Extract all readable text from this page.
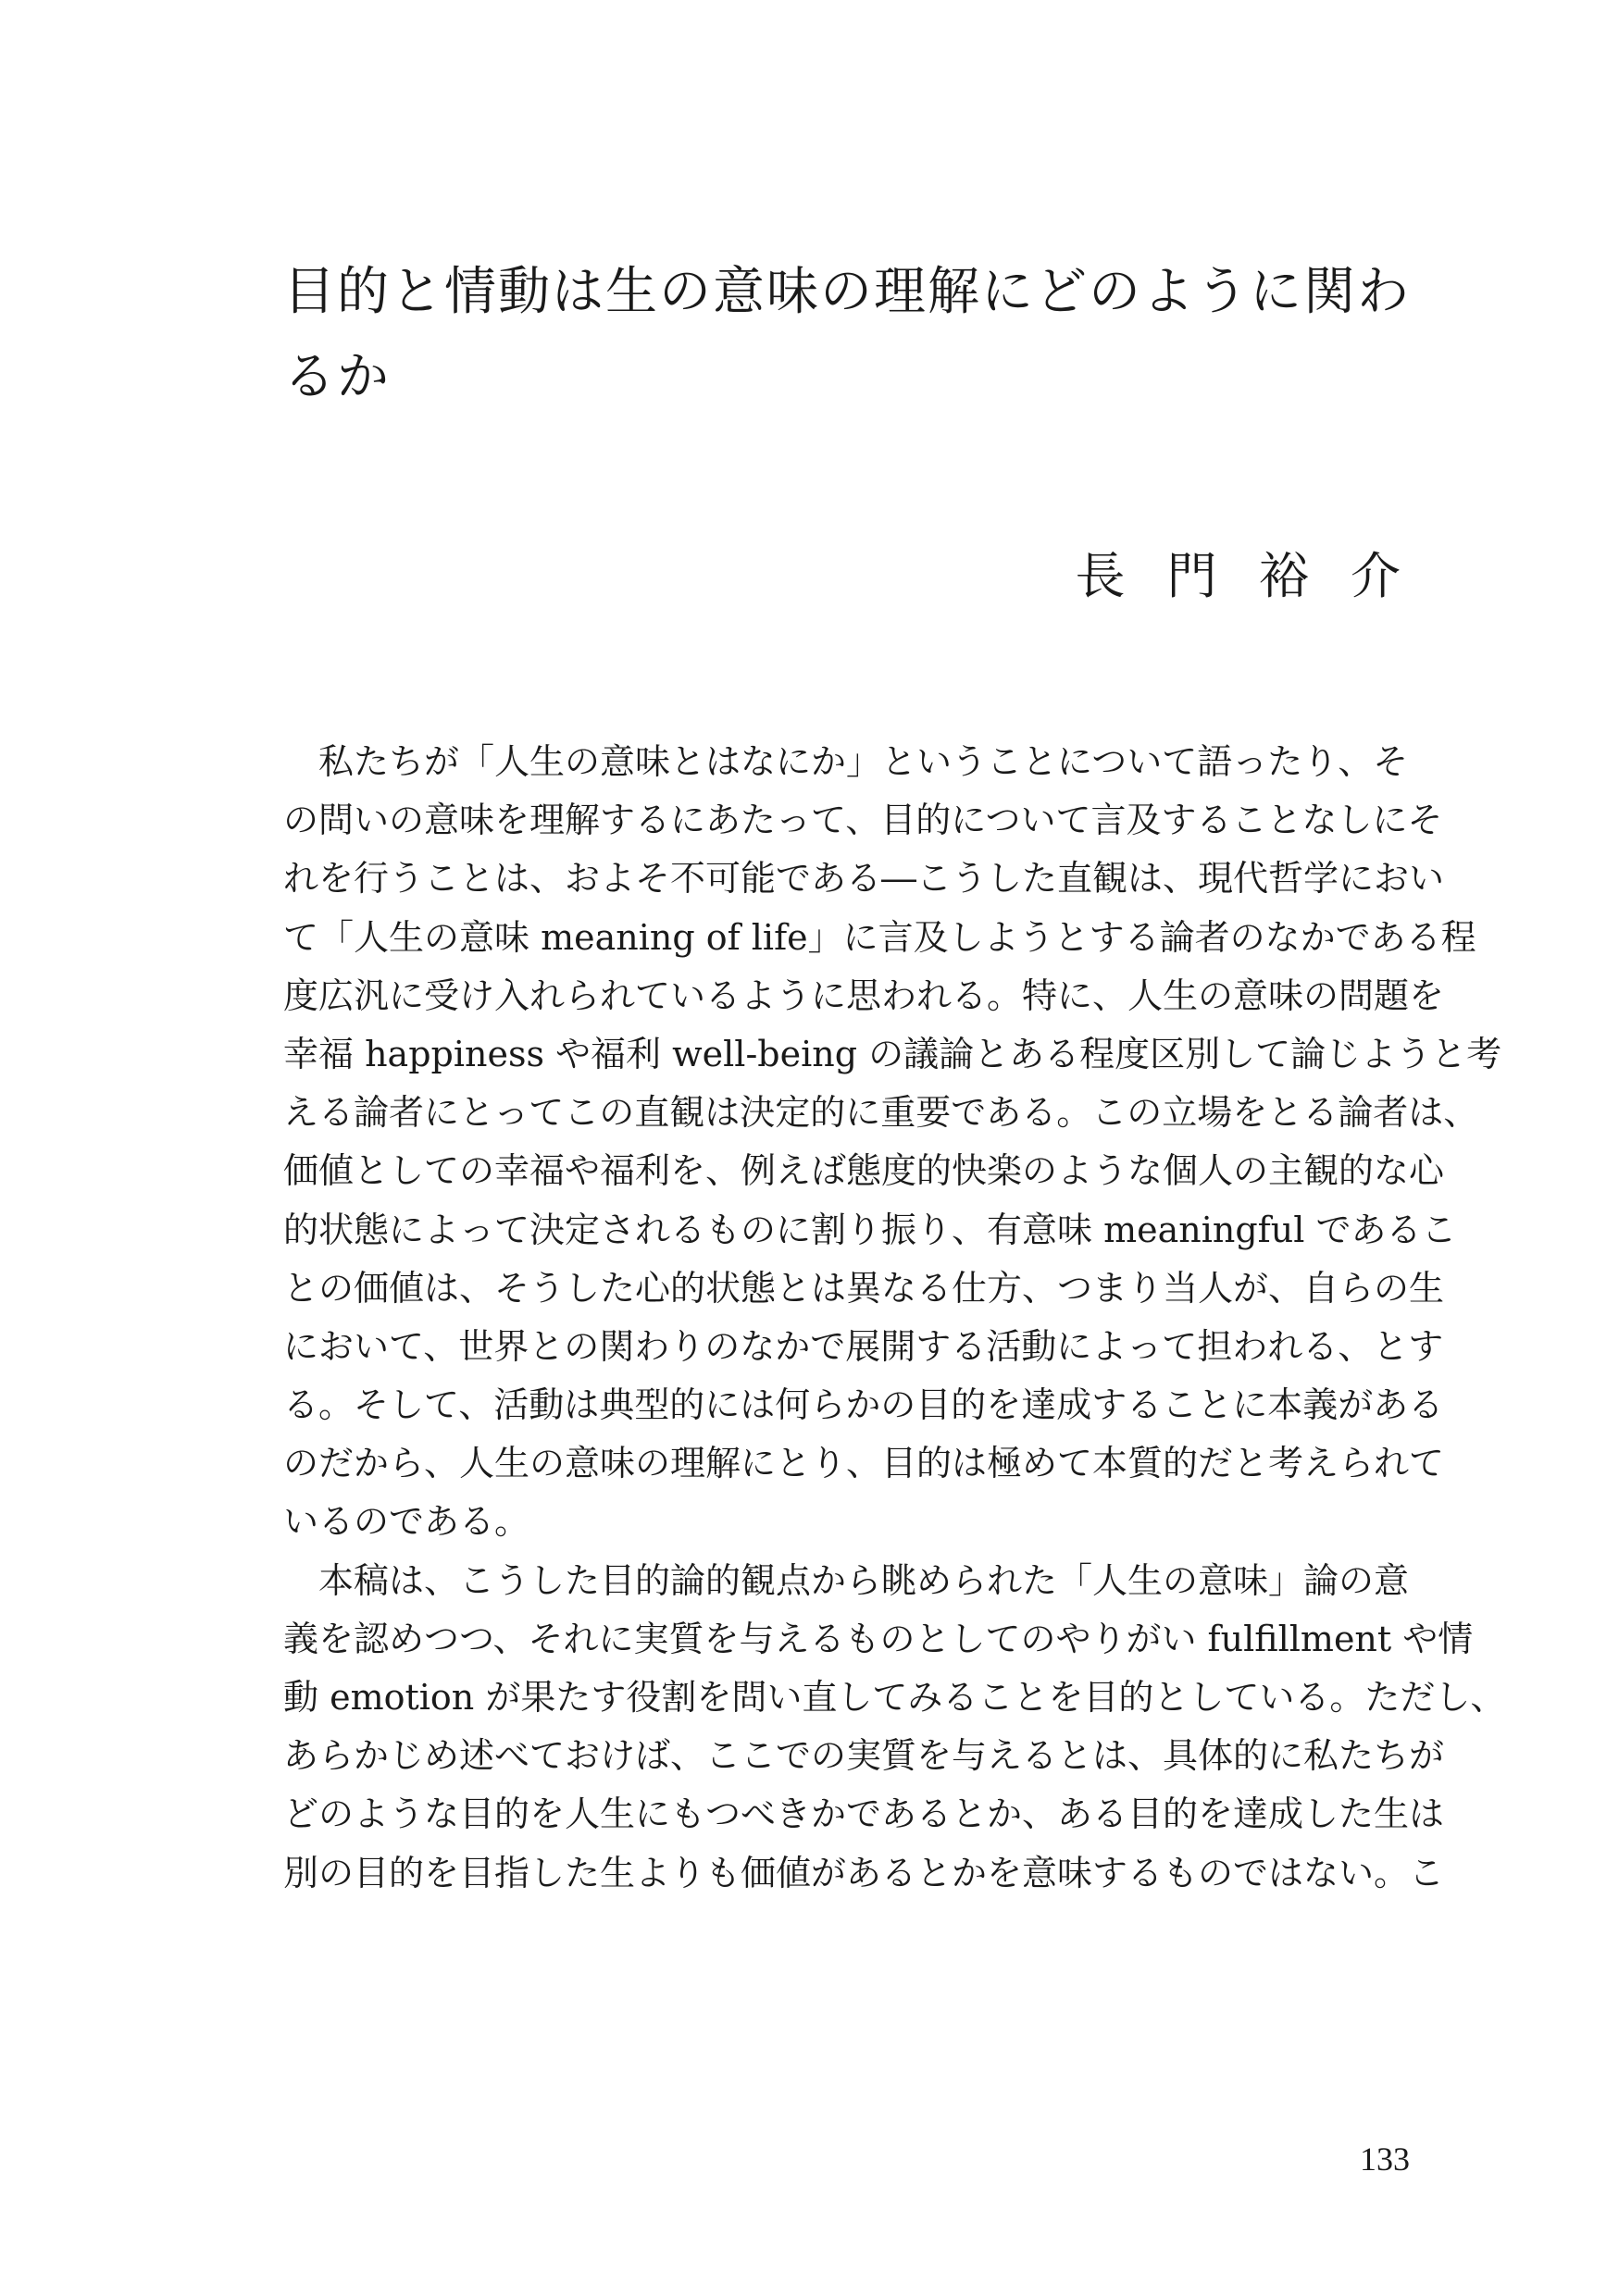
目的と情動は生の意味の理解にどのように関わ
るか

長 門 裕 介

　私たちが「人生の意味とはなにか」ということについて語ったり、そ
の問いの意味を理解するにあたって、目的について言及することなしにそ
れを行うことは、およそ不可能である―こうした直観は、現代哲学におい
て「人生の意味 meaning of life」に言及しようとする論者のなかである程
度広汎に受け入れられているように思われる。特に、人生の意味の問題を
幸福 happiness や福利 well-being の議論とある程度区別して論じようと考
える論者にとってこの直観は決定的に重要である。この立場をとる論者は、
価値としての幸福や福利を、例えば態度的快楽のような個人の主観的な心
的状態によって決定されるものに割り振り、有意味 meaningful であるこ
との価値は、そうした心的状態とは異なる仕方、つまり当人が、自らの生
において、世界との関わりのなかで展開する活動によって担われる、とす
る。そして、活動は典型的には何らかの目的を達成することに本義がある
のだから、人生の意味の理解にとり、目的は極めて本質的だと考えられて
いるのである。
　本稿は、こうした目的論的観点から眺められた「人生の意味」論の意
義を認めつつ、それに実質を与えるものとしてのやりがい fulfillment や情
動 emotion が果たす役割を問い直してみることを目的としている。ただし、
あらかじめ述べておけば、ここでの実質を与えるとは、具体的に私たちが
どのような目的を人生にもつべきかであるとか、ある目的を達成した生は
別の目的を目指した生よりも価値があるとかを意味するものではない。こ

133
